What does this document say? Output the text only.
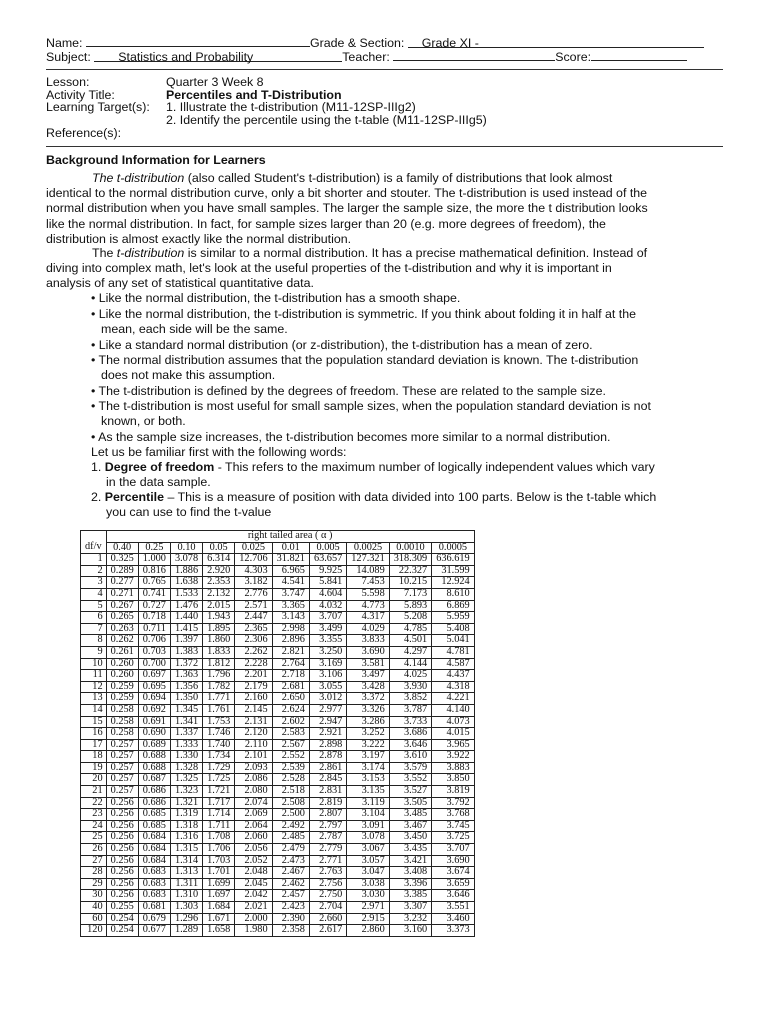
Name:	Grade & Section: Grade XI -
Subject: Statistics and Probability	Teacher:	Score:
Lesson:	Quarter 3 Week 8
Activity Title:	Percentiles and T-Distribution
Learning Target(s): 1. Illustrate the t-distribution (M11-12SP-IIIg2)
2. Identify the percentile using the t-table (M11-12SP-IIIg5)
Reference(s):
Background Information for Learners
The t-distribution (also called Student's t-distribution) is a family of distributions that look almost
identical to the normal distribution curve, only a bit shorter and stouter. The t-distribution is used instead of the
normal distribution when you have small samples. The larger the sample size, the more the t distribution looks
like the normal distribution. In fact, for sample sizes larger than 20 (e.g. more degrees of freedom), the
distribution is almost exactly like the normal distribution.
The t-distribution is similar to a normal distribution. It has a precise mathematical definition. Instead of
diving into complex math, let's look at the useful properties of the t-distribution and why it is important in
analysis of any set of statistical quantitative data.
• Like the normal distribution, the t-distribution has a smooth shape.
• Like the normal distribution, the t-distribution is symmetric. If you think about folding it in half at the
mean, each side will be the same.
• Like a standard normal distribution (or z-distribution), the t-distribution has a mean of zero.
• The normal distribution assumes that the population standard deviation is known. The t-distribution
does not make this assumption.
• The t-distribution is defined by the degrees of freedom. These are related to the sample size.
• The t-distribution is most useful for small sample sizes, when the population standard deviation is not
known, or both.
• As the sample size increases, the t-distribution becomes more similar to a normal distribution.
Let us be familiar first with the following words:
1. Degree of freedom - This refers to the maximum number of logically independent values which vary
in the data sample.
2. Percentile – This is a measure of position with data divided into 100 parts. Below is the t-table which
you can use to find the t-value
	right tailed area ( α )									
df/v	0.40	0.25	0.10	0.05	0.025	0.01	0.005	0.0025	0.0010	0.0005
1	0.325	1.000	3.078	6.314	12.706	31.821	63.657	127.321	318.309	636.619
2	0.289	0.816	1.886	2.920	4.303	6.965	9.925	14.089	22.327	31.599
3	0.277	0.765	1.638	2.353	3.182	4.541	5.841	7.453	10.215	12.924
4	0.271	0.741	1.533	2.132	2.776	3.747	4.604	5.598	7.173	8.610
5	0.267	0.727	1.476	2.015	2.571	3.365	4.032	4.773	5.893	6.869
6	0.265	0.718	1.440	1.943	2.447	3.143	3.707	4.317	5.208	5.959
7	0.263	0.711	1.415	1.895	2.365	2.998	3.499	4.029	4.785	5.408
8	0.262	0.706	1.397	1.860	2.306	2.896	3.355	3.833	4.501	5.041
9	0.261	0.703	1.383	1.833	2.262	2.821	3.250	3.690	4.297	4.781
10	0.260	0.700	1.372	1.812	2.228	2.764	3.169	3.581	4.144	4.587
11	0.260	0.697	1.363	1.796	2.201	2.718	3.106	3.497	4.025	4.437
12	0.259	0.695	1.356	1.782	2.179	2.681	3.055	3.428	3.930	4.318
13	0.259	0.694	1.350	1.771	2.160	2.650	3.012	3.372	3.852	4.221
14	0.258	0.692	1.345	1.761	2.145	2.624	2.977	3.326	3.787	4.140
15	0.258	0.691	1.341	1.753	2.131	2.602	2.947	3.286	3.733	4.073
16	0.258	0.690	1.337	1.746	2.120	2.583	2.921	3.252	3.686	4.015
17	0.257	0.689	1.333	1.740	2.110	2.567	2.898	3.222	3.646	3.965
18	0.257	0.688	1.330	1.734	2.101	2.552	2.878	3.197	3.610	3.922
19	0.257	0.688	1.328	1.729	2.093	2.539	2.861	3.174	3.579	3.883
20	0.257	0.687	1.325	1.725	2.086	2.528	2.845	3.153	3.552	3.850
21	0.257	0.686	1.323	1.721	2.080	2.518	2.831	3.135	3.527	3.819
22	0.256	0.686	1.321	1.717	2.074	2.508	2.819	3.119	3.505	3.792
23	0.256	0.685	1.319	1.714	2.069	2.500	2.807	3.104	3.485	3.768
24	0.256	0.685	1.318	1.711	2.064	2.492	2.797	3.091	3.467	3.745
25	0.256	0.684	1.316	1.708	2.060	2.485	2.787	3.078	3.450	3.725
26	0.256	0.684	1.315	1.706	2.056	2.479	2.779	3.067	3.435	3.707
27	0.256	0.684	1.314	1.703	2.052	2.473	2.771	3.057	3.421	3.690
28	0.256	0.683	1.313	1.701	2.048	2.467	2.763	3.047	3.408	3.674
29	0.256	0.683	1.311	1.699	2.045	2.462	2.756	3.038	3.396	3.659
30	0.256	0.683	1.310	1.697	2.042	2.457	2.750	3.030	3.385	3.646
40	0.255	0.681	1.303	1.684	2.021	2.423	2.704	2.971	3.307	3.551
60	0.254	0.679	1.296	1.671	2.000	2.390	2.660	2.915	3.232	3.460
120	0.254	0.677	1.289	1.658	1.980	2.358	2.617	2.860	3.160	3.373
